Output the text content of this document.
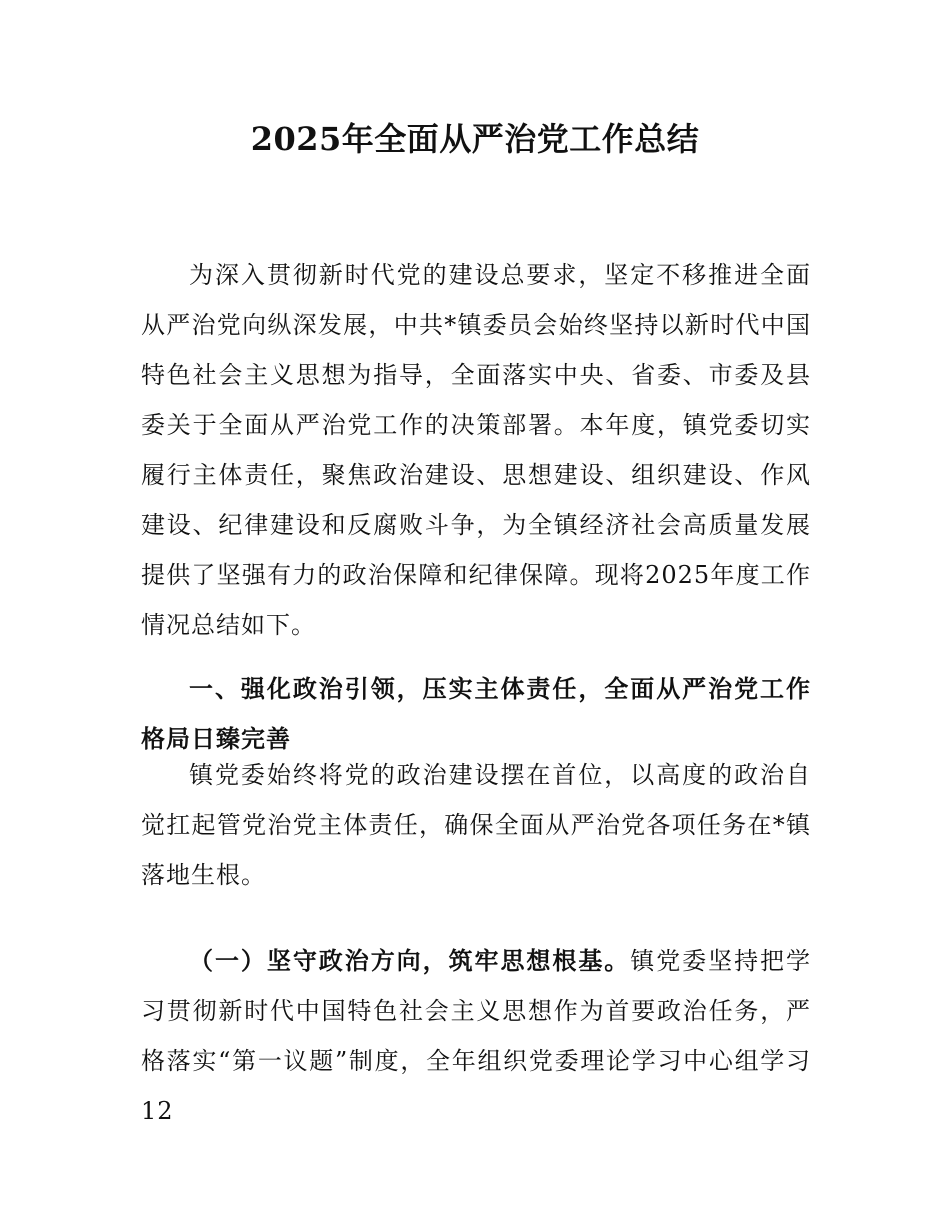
2025年全面从严治党工作总结

为深入贯彻新时代党的建设总要求，坚定不移推进全面从严治党向纵深发展，中共*镇委员会始终坚持以新时代中国特色社会主义思想为指导，全面落实中央、省委、市委及县委关于全面从严治党工作的决策部署。本年度，镇党委切实履行主体责任，聚焦政治建设、思想建设、组织建设、作风建设、纪律建设和反腐败斗争，为全镇经济社会高质量发展提供了坚强有力的政治保障和纪律保障。现将2025年度工作情况总结如下。

一、强化政治引领，压实主体责任，全面从严治党工作格局日臻完善

镇党委始终将党的政治建设摆在首位，以高度的政治自觉扛起管党治党主体责任，确保全面从严治党各项任务在*镇落地生根。

（一）坚守政治方向，筑牢思想根基。镇党委坚持把学习贯彻新时代中国特色社会主义思想作为首要政治任务，严格落实“第一议题”制度，全年组织党委理论学习中心组学习12
